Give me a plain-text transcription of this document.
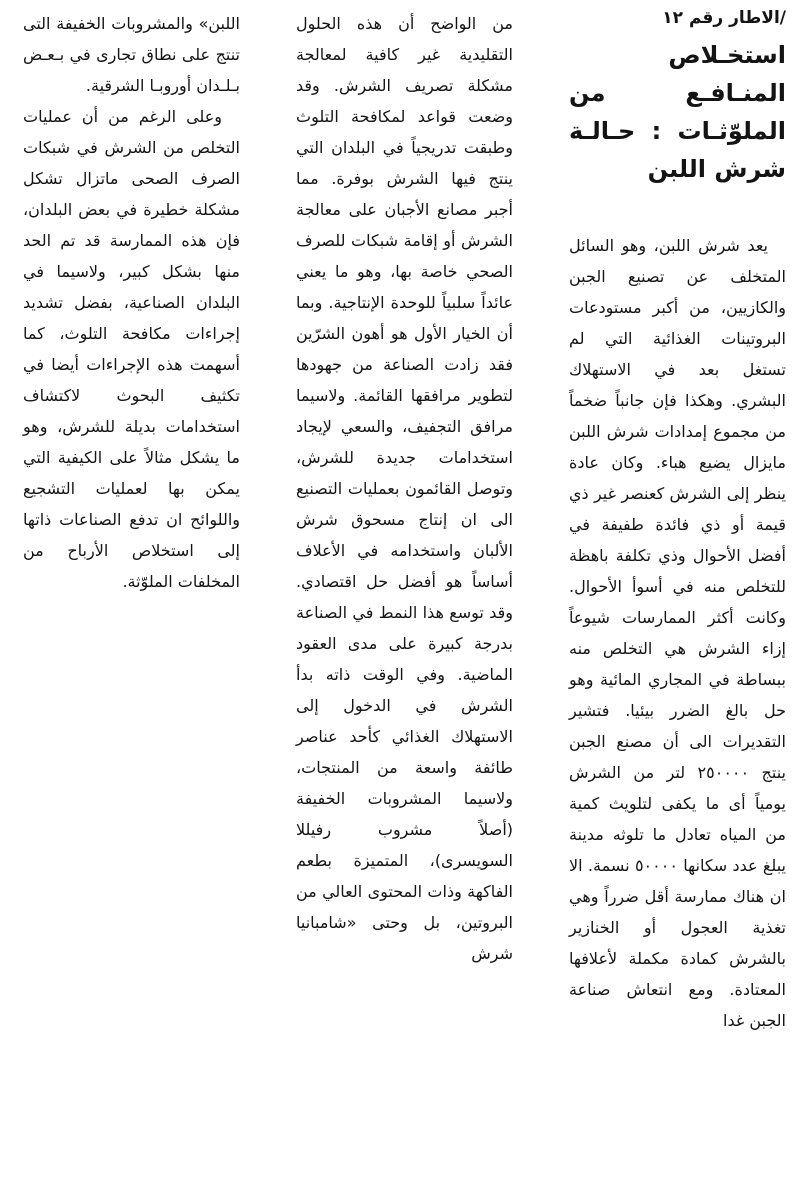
/الاطار رقم ١٢
استخـلاص المنـافـع من الملوّثـات : حـالـة شرش اللبن

يعد شرش اللبن، وهو السائل المتخلف عن تصنيع الجبن والكازيين، من أكبر مستودعات البروتينات الغذائية التي لم تستغل بعد في الاستهلاك البشري. وهكذا فإن جانباً ضخماً من مجموع إمدادات شرش اللبن مايزال يضيع هباء. وكان عادة ينظر إلى الشرش كعنصر غير ذي قيمة أو ذي فائدة طفيفة في أفضل الأحوال وذي تكلفة باهظة للتخلص منه في أسوأ الأحوال. وكانت أكثر الممارسات شيوعاً إزاء الشرش هي التخلص منه ببساطة في المجاري المائية وهو حل بالغ الضرر بيئيا. فتشير التقديرات الى أن مصنع الجبن ينتج ٢٥٠٠٠٠ لتر من الشرش يومياً أى ما يكفى لتلويث كمية من المياه تعادل ما تلوثه مدينة يبلغ عدد سكانها ٥٠٠٠٠ نسمة. الا ان هناك ممارسة أقل ضرراً وهي تغذية العجول أو الخنازير بالشرش كمادة مكملة لأعلافها المعتادة. ومع انتعاش صناعة الجبن غدا

من الواضح أن هذه الحلول التقليدية غير كافية لمعالجة مشكلة تصريف الشرش. وقد وضعت قواعد لمكافحة التلوث وطبقت تدريجياً في البلدان التي ينتج فيها الشرش بوفرة. مما أجبر مصانع الأجبان على معالجة الشرش أو إقامة شبكات للصرف الصحي خاصة بها، وهو ما يعني عائداً سلبياً للوحدة الإنتاجية. وبما أن الخيار الأول هو أهون الشرّين فقد زادت الصناعة من جهودها لتطوير مرافقها القائمة. ولاسيما مرافق التجفيف، والسعي لإيجاد استخدامات جديدة للشرش، وتوصل القائمون بعمليات التصنيع الى ان إنتاج مسحوق شرش الألبان واستخدامه في الأعلاف أساساً هو أفضل حل اقتصادي. وقد توسع هذا النمط في الصناعة بدرجة كبيرة على مدى العقود الماضية. وفي الوقت ذاته بدأ الشرش في الدخول إلى الاستهلاك الغذائي كأحد عناصر طائفة واسعة من المنتجات، ولاسيما المشروبات الخفيفة (أصلاً مشروب رفيللا السويسرى)، المتميزة بطعم الفاكهة وذات المحتوى العالي من البروتين، بل وحتى «شامبانيا شرش

اللبن» والمشروبات الخفيفة التى تنتج على نطاق تجارى في بـعـض بـلـدان أوروبـا الشرقية.

وعلى الرغم من أن عمليات التخلص من الشرش في شبكات الصرف الصحى ماتزال تشكل مشكلة خطيرة في بعض البلدان، فإن هذه الممارسة قد تم الحد منها بشكل كبير، ولاسيما في البلدان الصناعية، بفضل تشديد إجراءات مكافحة التلوث، كما أسهمت هذه الإجراءات أيضا في تكثيف البحوث لاكتشاف استخدامات بديلة للشرش، وهو ما يشكل مثالاً على الكيفية التي يمكن بها لعمليات التشجيع واللوائح ان تدفع الصناعات ذاتها إلى استخلاص الأرباح من المخلفات الملوّثة.
